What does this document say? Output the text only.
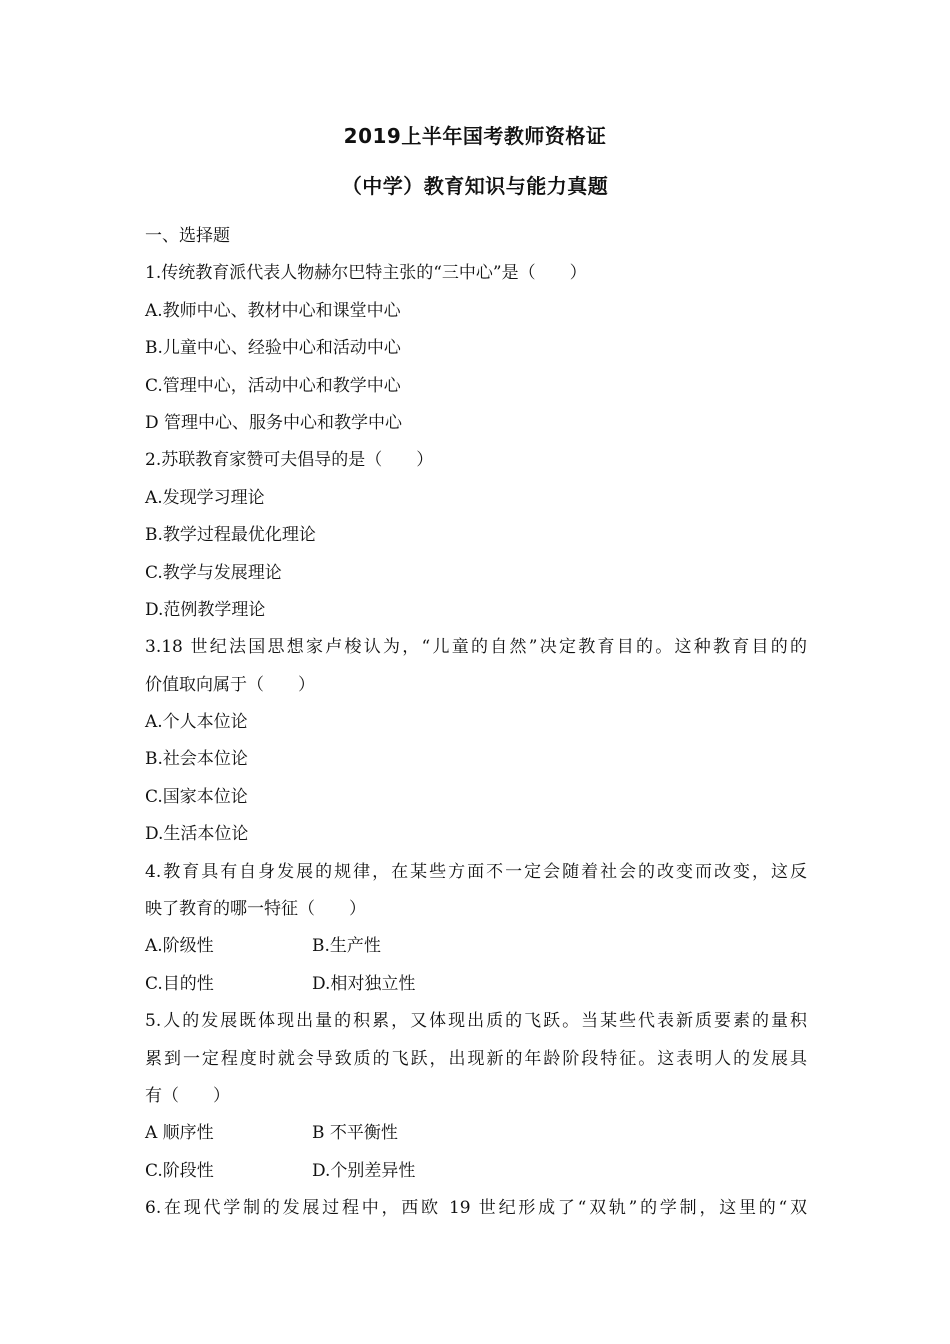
2019上半年国考教师资格证
（中学）教育知识与能力真题
一、选择题
1.传统教育派代表人物赫尔巴特主张的“三中心”是（　　）
A.教师中心、教材中心和课堂中心
B.儿童中心、经验中心和活动中心
C.管理中心，活动中心和教学中心
D 管理中心、服务中心和教学中心
2.苏联教育家赞可夫倡导的是（　　）
A.发现学习理论
B.教学过程最优化理论
C.教学与发展理论
D.范例教学理论
3.18 世纪法国思想家卢梭认为，“儿童的自然”决定教育目的。这种教育目的的
价值取向属于（　　）
A.个人本位论
B.社会本位论
C.国家本位论
D.生活本位论
4.教育具有自身发展的规律，在某些方面不一定会随着社会的改变而改变，这反
映了教育的哪一特征（　　）
A.阶级性	B.生产性
C.目的性	D.相对独立性
5.人的发展既体现出量的积累，又体现出质的飞跃。当某些代表新质要素的量积
累到一定程度时就会导致质的飞跃，出现新的年龄阶段特征。这表明人的发展具
有（　　）
A 顺序性	B 不平衡性
C.阶段性	D.个别差异性
6.在现代学制的发展过程中，西欧 19 世纪形成了“双轨”的学制，这里的“双
